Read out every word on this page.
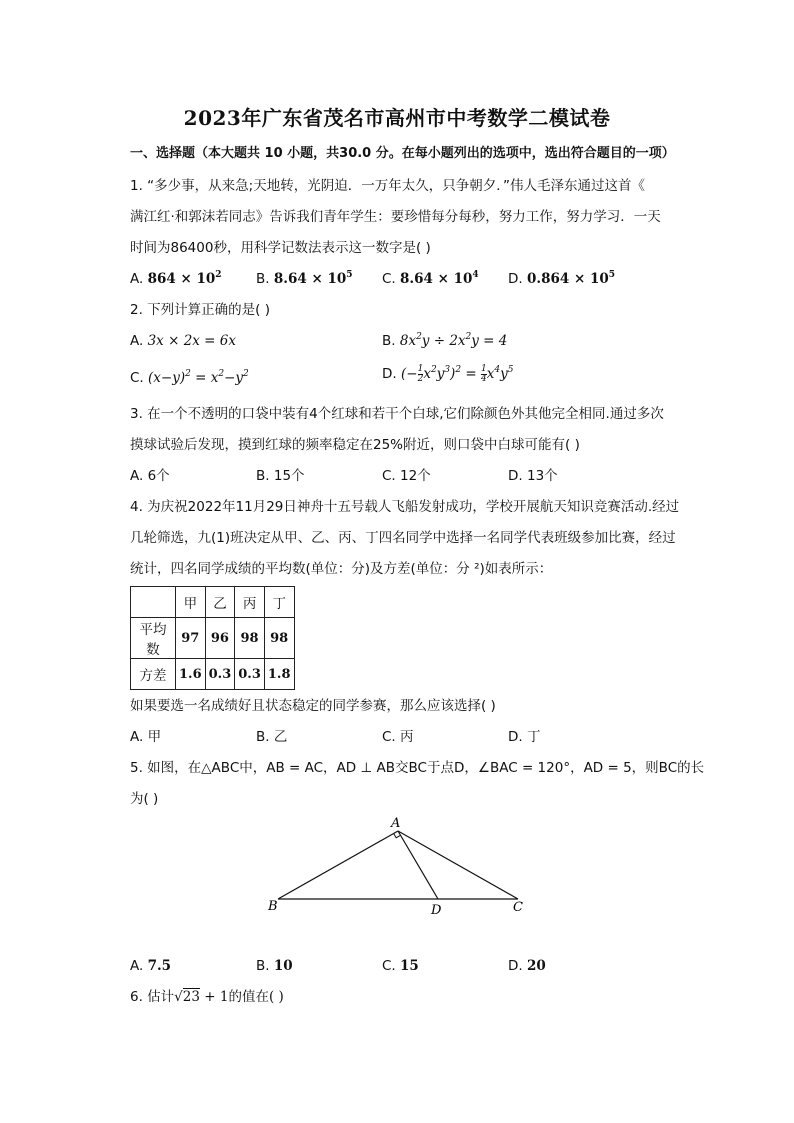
2023年广东省茂名市高州市中考数学二模试卷
一、选择题（本大题共 10 小题，共30.0 分。在每小题列出的选项中，选出符合题目的一项）
1. “多少事，从来急;天地转，光阴迫．一万年太久，只争朝夕．”伟人毛泽东通过这首《
满江红·和郭沫若同志》告诉我们青年学生：要珍惜每分每秒，努力工作，努力学习．一天
时间为86400秒，用科学记数法表示这一数字是( )
A. $864 \times 10^2$	B. $8.64 \times 10^5$ C. $8.64 \times 10^4$ D. $0.864 \times 10^5$
2. 下列计算正确的是( )
A. 3x × 2x = 6x	B. $8x^2y \div 2x^2y = 4$
C. $(x-y)^2 = x^2-y^2$	D. (− $\frac{1}{2} x^2y^3)^2 = \frac{1}{4} x^4y^5$
3. 在一个不透明的口袋中装有4个红球和若干个白球,它们除颜色外其他完全相同.通过多次
摸球试验后发现，摸到红球的频率稳定在25%附近，则口袋中白球可能有( )
A. 6个	B. 15个	C. 12个	D. 13个
4. 为庆祝2022年11月29日神舟十五号载人飞船发射成功，学校开展航天知识竞赛活动.经过
几轮筛选，九(1)班决定从甲、乙、丙、丁四名同学中选择一名同学代表班级参加比赛，经过
统计，四名同学成绩的平均数(单位：分)及方差(单位：分 ²)如表所示：
	甲	乙	丙	丁
平均数	97	96	98	98
方差	1.6	0.3	0.3	1.8
如果要选一名成绩好且状态稳定的同学参赛，那么应该选择( )
A. 甲	B. 乙	C. 丙	D. 丁
5. 如图，在△ABC中，AB = AC，AD ⊥ AB交BC于点D，∠BAC = 120°，AD = 5，则BC的长
为( )
A
B	D	C
A. 7.5	B. 10	C. 15	D. 20
6. 估计√23 + 1的值在( )
